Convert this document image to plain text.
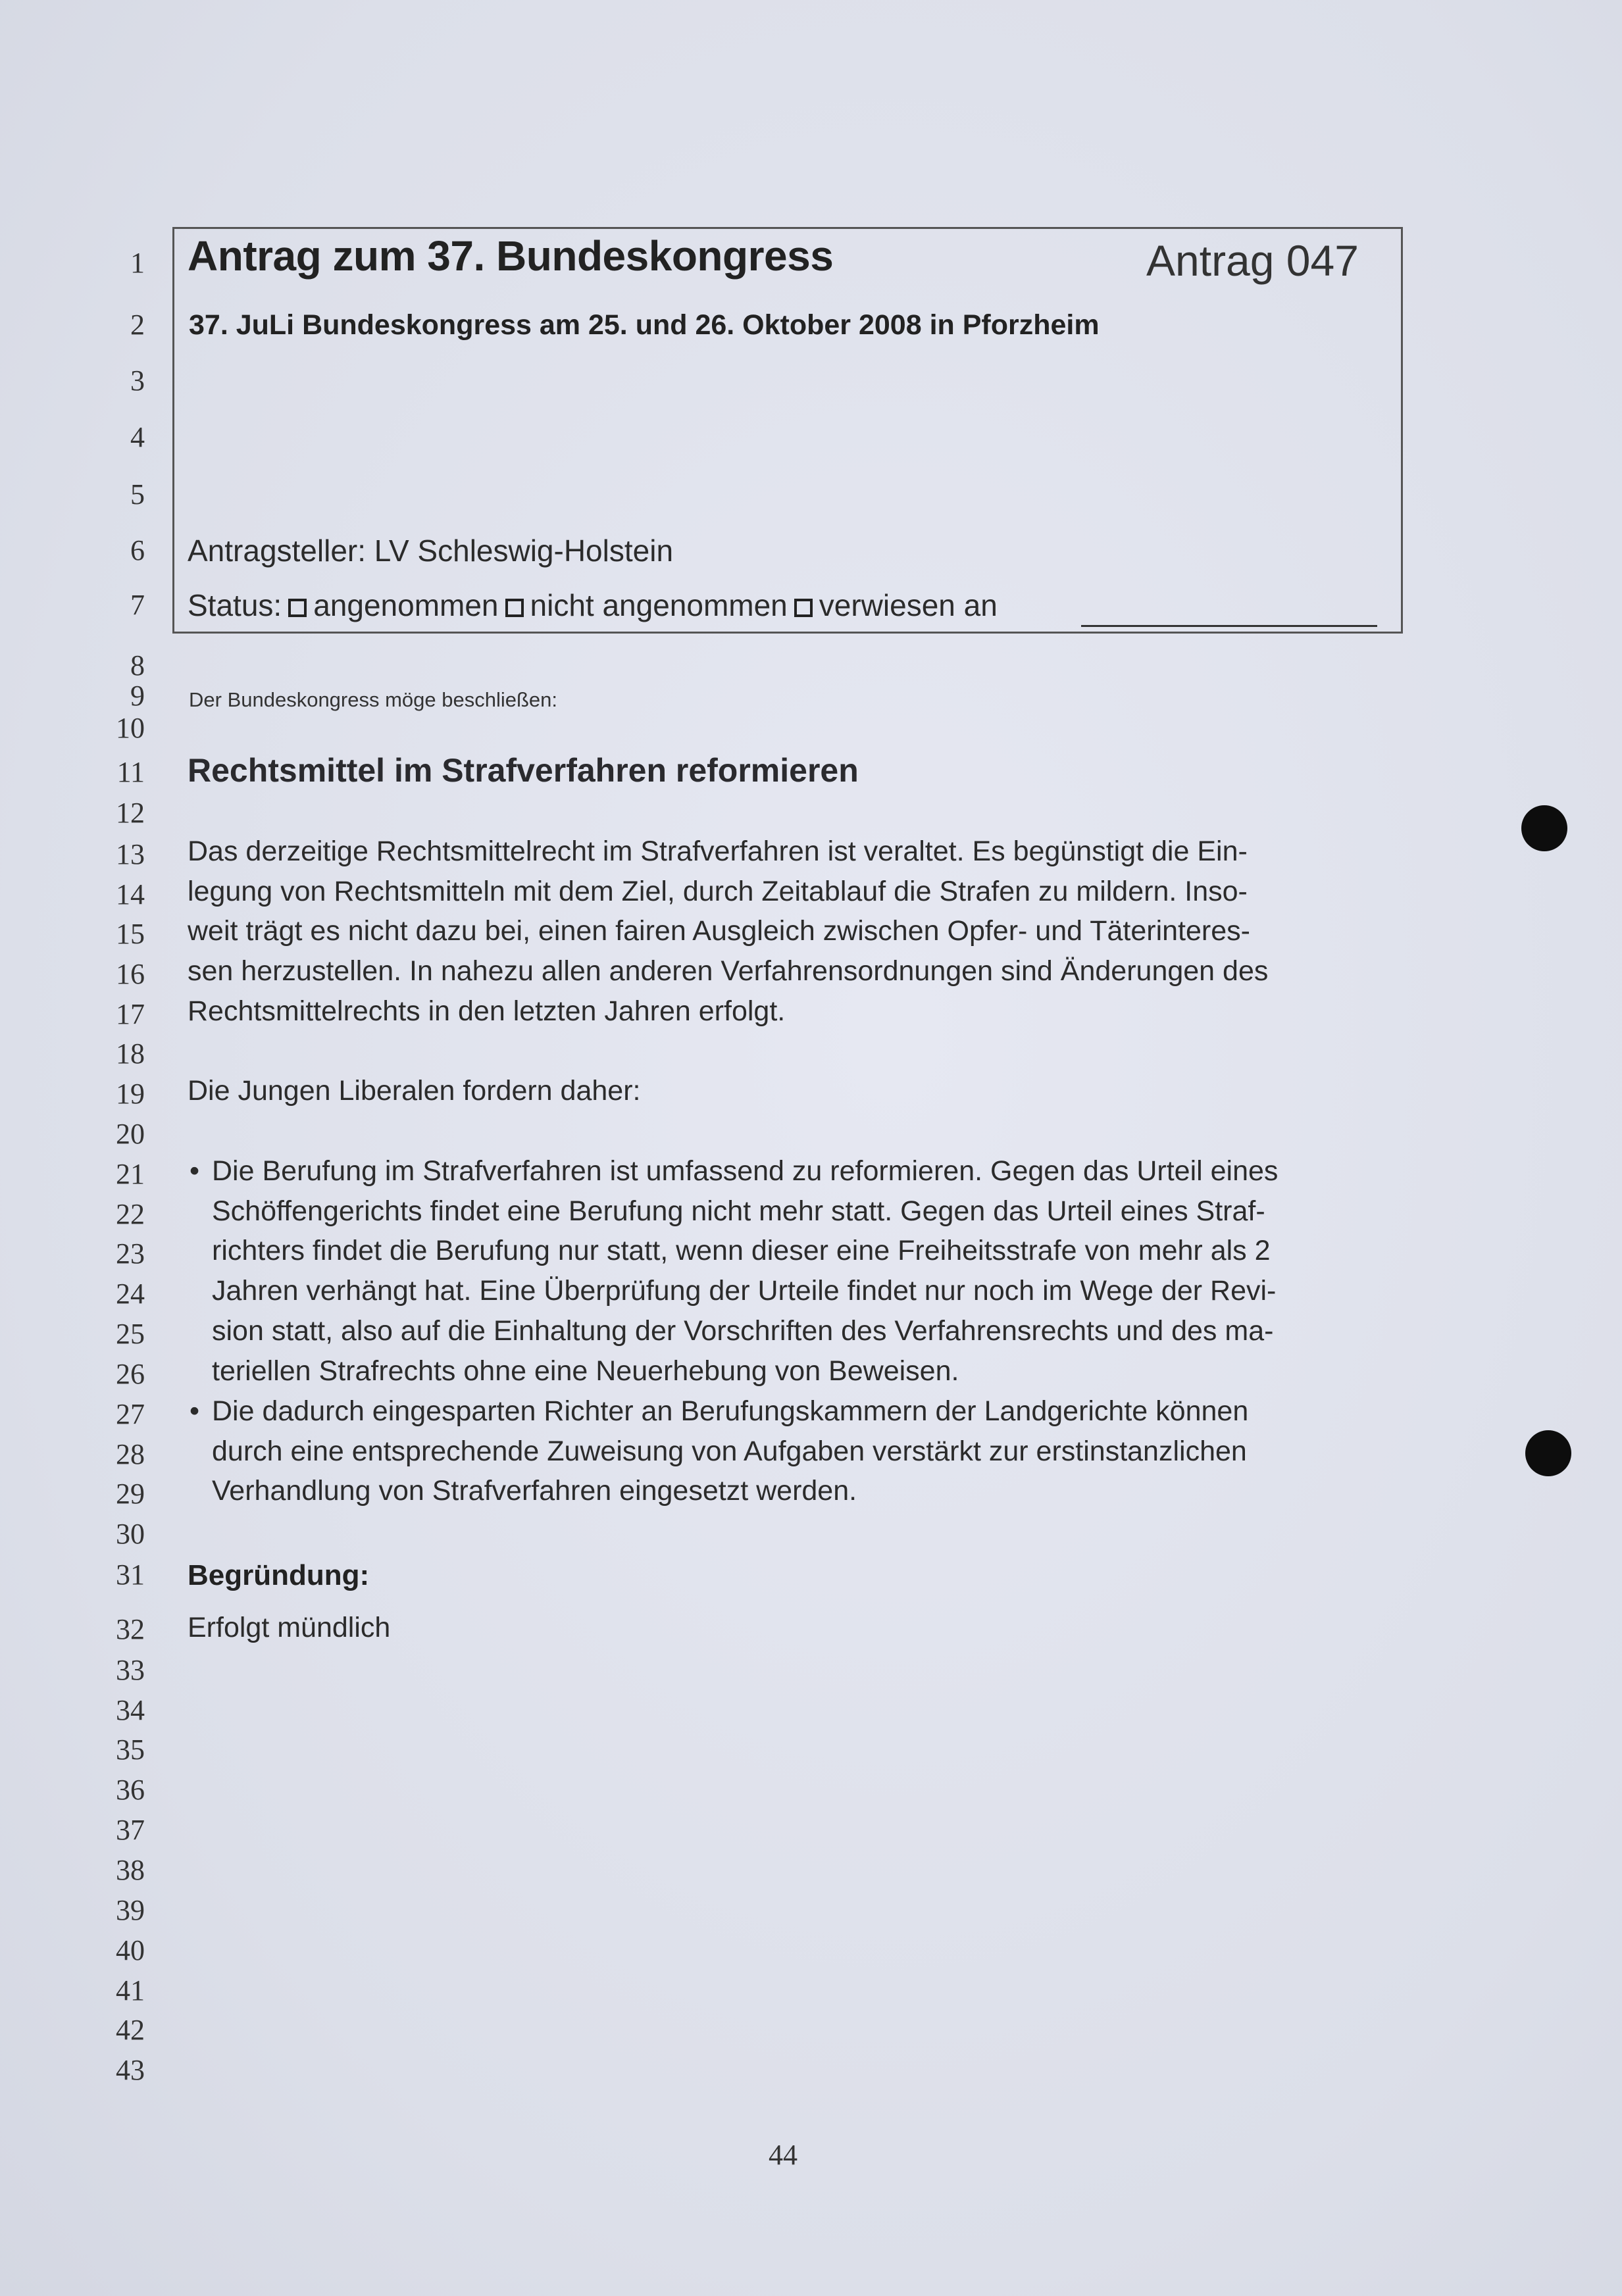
1
2
3
4
5
6
7
8
9
10
11
12
13
14
15
16
17
18
19
20
21
22
23
24
25
26
27
28
29
30
31
32
33
34
35
36
37
38
39
40
41
42
43
Antrag zum 37. Bundeskongress	Antrag 047
37. JuLi Bundeskongress am 25. und 26. Oktober 2008 in Pforzheim
Antragsteller: LV Schleswig-Holstein
Status: angenommen nicht angenommen verwiesen an
Der Bundeskongress möge beschließen:
Rechtsmittel im Strafverfahren reformieren
Das derzeitige Rechtsmittelrecht im Strafverfahren ist veraltet. Es begünstigt die Ein-
legung von Rechtsmitteln mit dem Ziel, durch Zeitablauf die Strafen zu mildern. Inso-
weit trägt es nicht dazu bei, einen fairen Ausgleich zwischen Opfer- und Täterinteres-
sen herzustellen. In nahezu allen anderen Verfahrensordnungen sind Änderungen des
Rechtsmittelrechts in den letzten Jahren erfolgt.
Die Jungen Liberalen fordern daher:
• Die Berufung im Strafverfahren ist umfassend zu reformieren. Gegen das Urteil eines
Schöffengerichts findet eine Berufung nicht mehr statt. Gegen das Urteil eines Straf-
richters findet die Berufung nur statt, wenn dieser eine Freiheitsstrafe von mehr als 2
Jahren verhängt hat. Eine Überprüfung der Urteile findet nur noch im Wege der Revi-
sion statt, also auf die Einhaltung der Vorschriften des Verfahrensrechts und des ma-
teriellen Strafrechts ohne eine Neuerhebung von Beweisen.
• Die dadurch eingesparten Richter an Berufungskammern der Landgerichte können
durch eine entsprechende Zuweisung von Aufgaben verstärkt zur erstinstanzlichen
Verhandlung von Strafverfahren eingesetzt werden.
Begründung:
Erfolgt mündlich
44
